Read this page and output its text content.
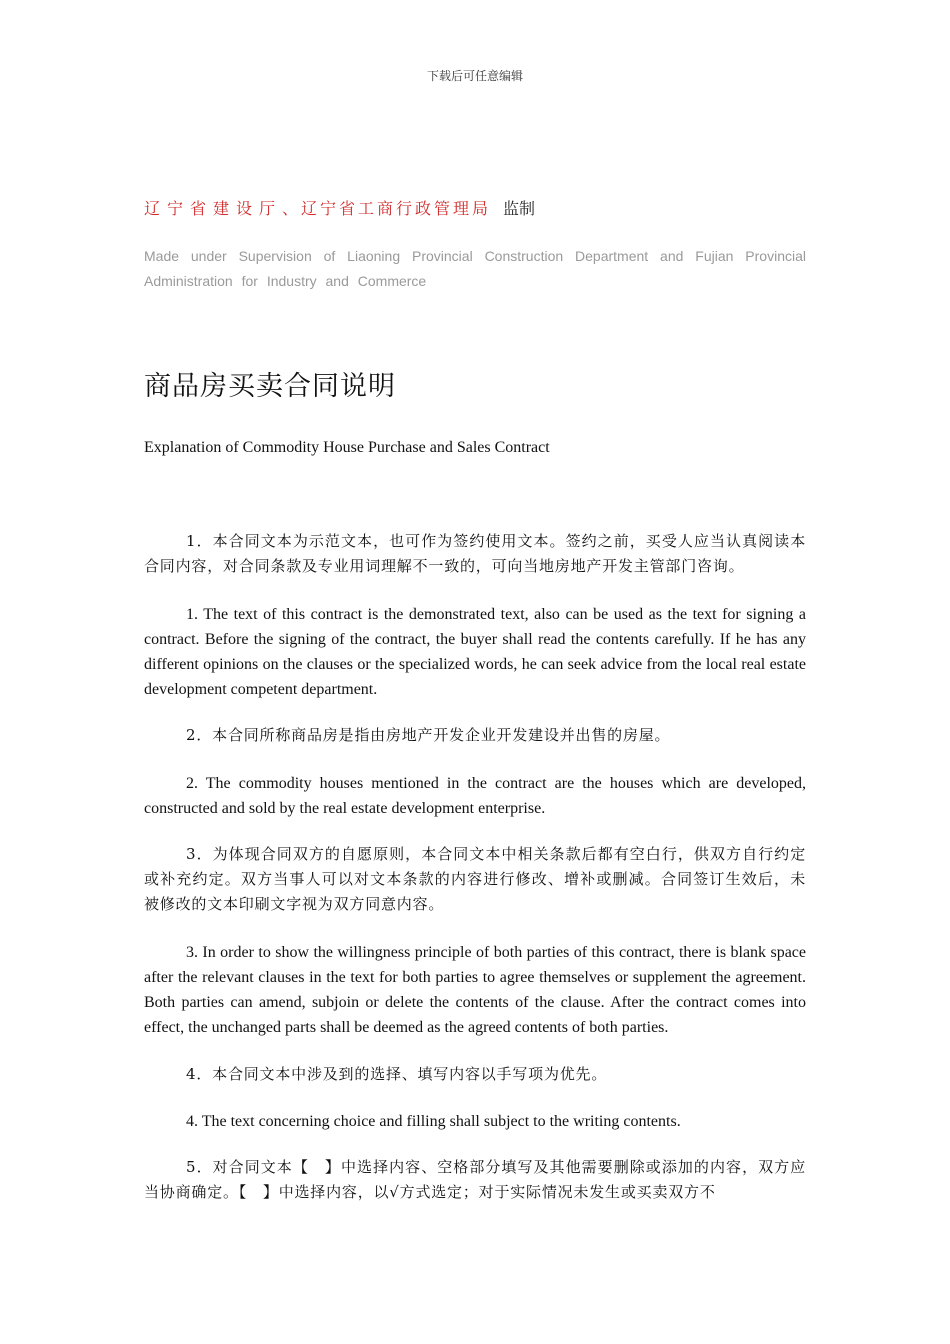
下载后可任意编辑
辽宁省建设厅、辽宁省工商行政管理局 监制
Made under Supervision of Liaoning Provincial Construction Department and Fujian Provincial Administration for Industry and Commerce
商品房买卖合同说明
Explanation of Commodity House Purchase and Sales Contract
1．本合同文本为示范文本，也可作为签约使用文本。签约之前，买受人应当认真阅读本合同内容，对合同条款及专业用词理解不一致的，可向当地房地产开发主管部门咨询。
1. The text of this contract is the demonstrated text, also can be used as the text for signing a contract. Before the signing of the contract, the buyer shall read the contents carefully. If he has any different opinions on the clauses or the specialized words, he can seek advice from the local real estate development competent department.
2．本合同所称商品房是指由房地产开发企业开发建设并出售的房屋。
2. The commodity houses mentioned in the contract are the houses which are developed, constructed and sold by the real estate development enterprise.
3．为体现合同双方的自愿原则，本合同文本中相关条款后都有空白行，供双方自行约定或补充约定。双方当事人可以对文本条款的内容进行修改、增补或删减。合同签订生效后，未被修改的文本印刷文字视为双方同意内容。
3. In order to show the willingness principle of both parties of this contract, there is blank space after the relevant clauses in the text for both parties to agree themselves or supplement the agreement. Both parties can amend, subjoin or delete the contents of the clause. After the contract comes into effect, the unchanged parts shall be deemed as the agreed contents of both parties.
4．本合同文本中涉及到的选择、填写内容以手写项为优先。
4. The text concerning choice and filling shall subject to the writing contents.
5．对合同文本【　】中选择内容、空格部分填写及其他需要删除或添加的内容，双方应当协商确定。【　】中选择内容，以√方式选定；对于实际情况未发生或买卖双方不
